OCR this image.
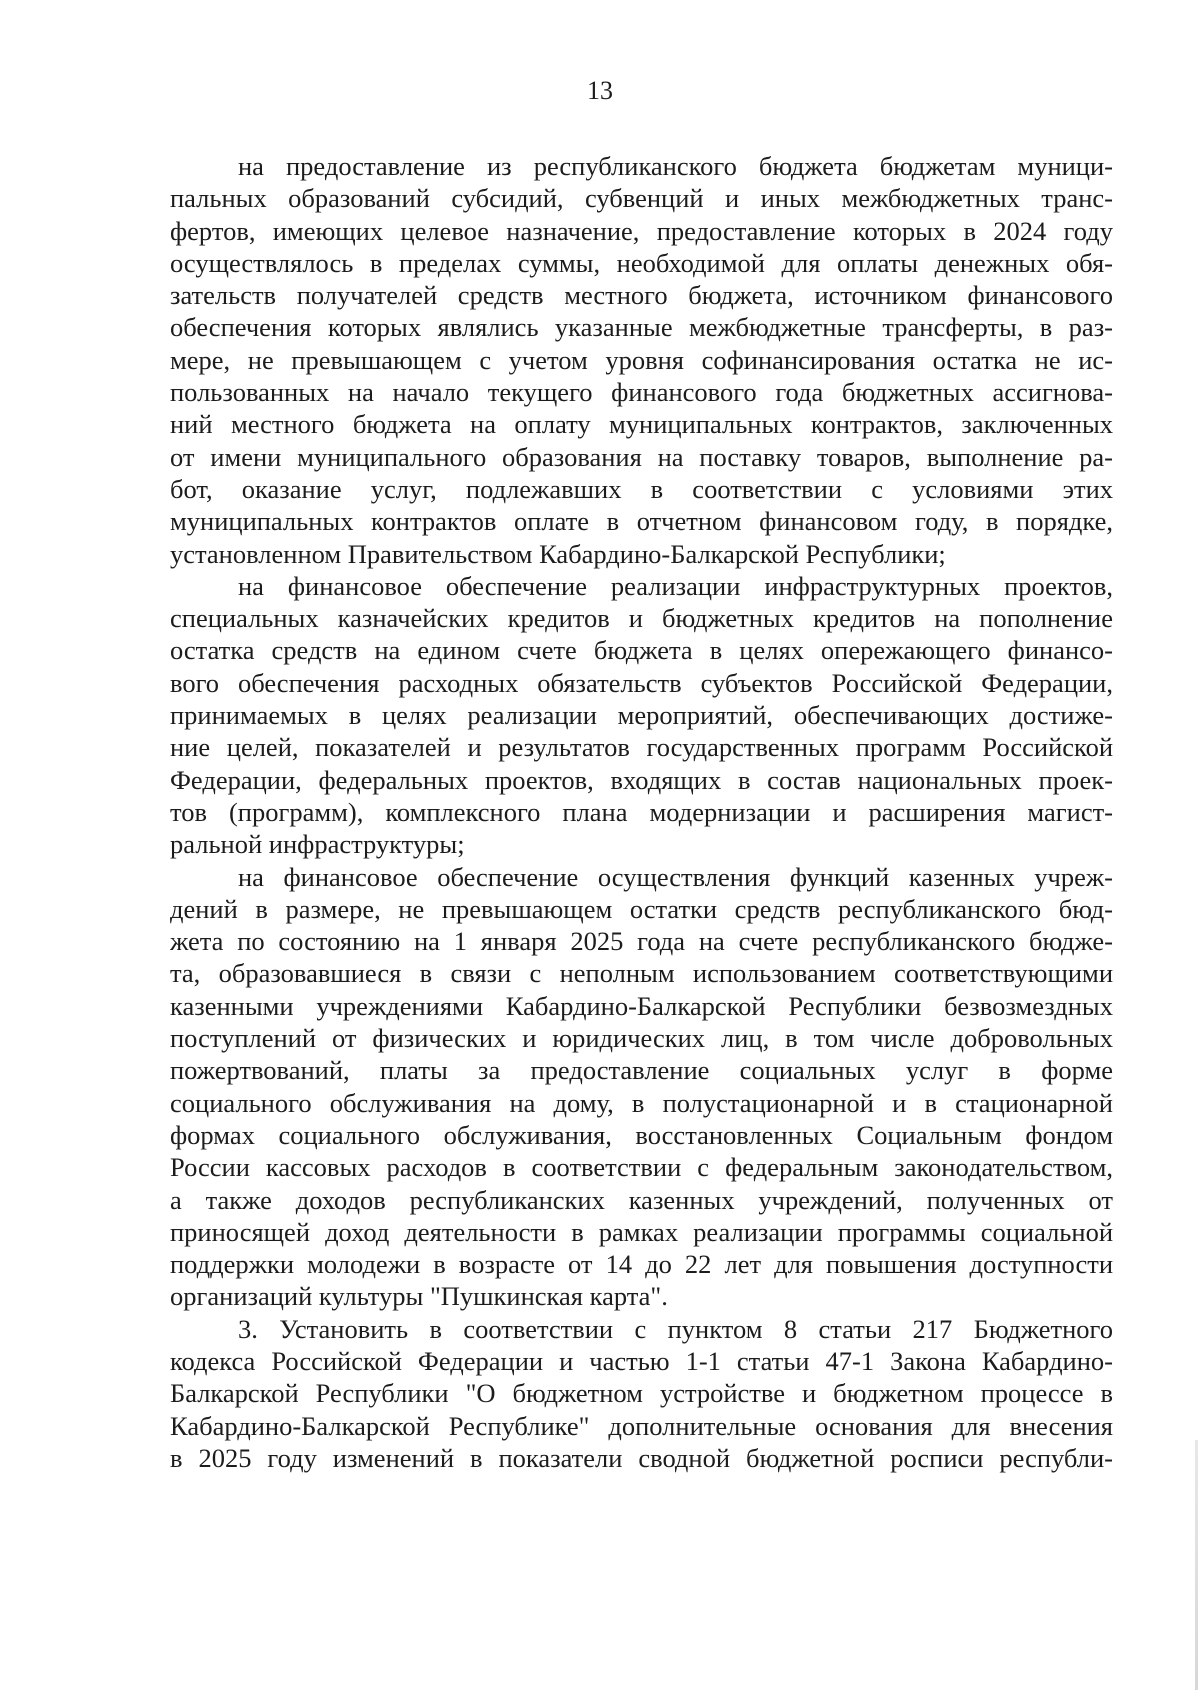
13
на предоставление из республиканского бюджета бюджетам муници-
пальных образований субсидий, субвенций и иных межбюджетных транс-
фертов, имеющих целевое назначение, предоставление которых в 2024 году
осуществлялось в пределах суммы, необходимой для оплаты денежных обя-
зательств получателей средств местного бюджета, источником финансового
обеспечения которых являлись указанные межбюджетные трансферты, в раз-
мере, не превышающем с учетом уровня софинансирования остатка не ис-
пользованных на начало текущего финансового года бюджетных ассигнова-
ний местного бюджета на оплату муниципальных контрактов, заключенных
от имени муниципального образования на поставку товаров, выполнение ра-
бот, оказание услуг, подлежавших в соответствии с условиями этих
муниципальных контрактов оплате в отчетном финансовом году, в порядке,
установленном Правительством Кабардино-Балкарской Республики;
на финансовое обеспечение реализации инфраструктурных проектов,
специальных казначейских кредитов и бюджетных кредитов на пополнение
остатка средств на едином счете бюджета в целях опережающего финансо-
вого обеспечения расходных обязательств субъектов Российской Федерации,
принимаемых в целях реализации мероприятий, обеспечивающих достиже-
ние целей, показателей и результатов государственных программ Российской
Федерации, федеральных проектов, входящих в состав национальных проек-
тов (программ), комплексного плана модернизации и расширения магист-
ральной инфраструктуры;
на финансовое обеспечение осуществления функций казенных учреж-
дений в размере, не превышающем остатки средств республиканского бюд-
жета по состоянию на 1 января 2025 года на счете республиканского бюдже-
та, образовавшиеся в связи с неполным использованием соответствующими
казенными учреждениями Кабардино-Балкарской Республики безвозмездных
поступлений от физических и юридических лиц, в том числе добровольных
пожертвований, платы за предоставление социальных услуг в форме
социального обслуживания на дому, в полустационарной и в стационарной
формах социального обслуживания, восстановленных Социальным фондом
России кассовых расходов в соответствии с федеральным законодательством,
а также доходов республиканских казенных учреждений, полученных от
приносящей доход деятельности в рамках реализации программы социальной
поддержки молодежи в возрасте от 14 до 22 лет для повышения доступности
организаций культуры "Пушкинская карта".
3. Установить в соответствии с пунктом 8 статьи 217 Бюджетного
кодекса Российской Федерации и частью 1-1 статьи 47-1 Закона Кабардино-
Балкарской Республики "О бюджетном устройстве и бюджетном процессе в
Кабардино-Балкарской Республике" дополнительные основания для внесения
в 2025 году изменений в показатели сводной бюджетной росписи республи-
